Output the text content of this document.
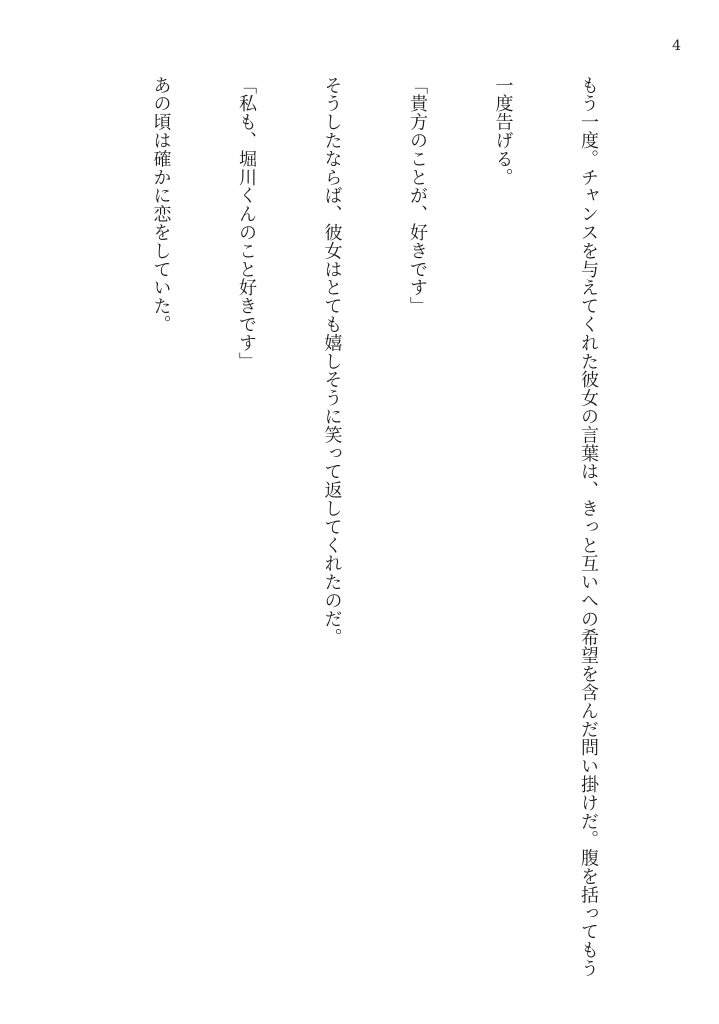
4

もう一度。チャンスを与えてくれた彼女の言葉は、きっと互いへの希望を含んだ問い掛けだ。腹を括ってもう

一度告げる。

「貴方のことが、好きです」

そうしたならば、彼女はとても嬉しそうに笑って返してくれたのだ。

「私も、堀川くんのこと好きです」

あの頃は確かに恋をしていた。
